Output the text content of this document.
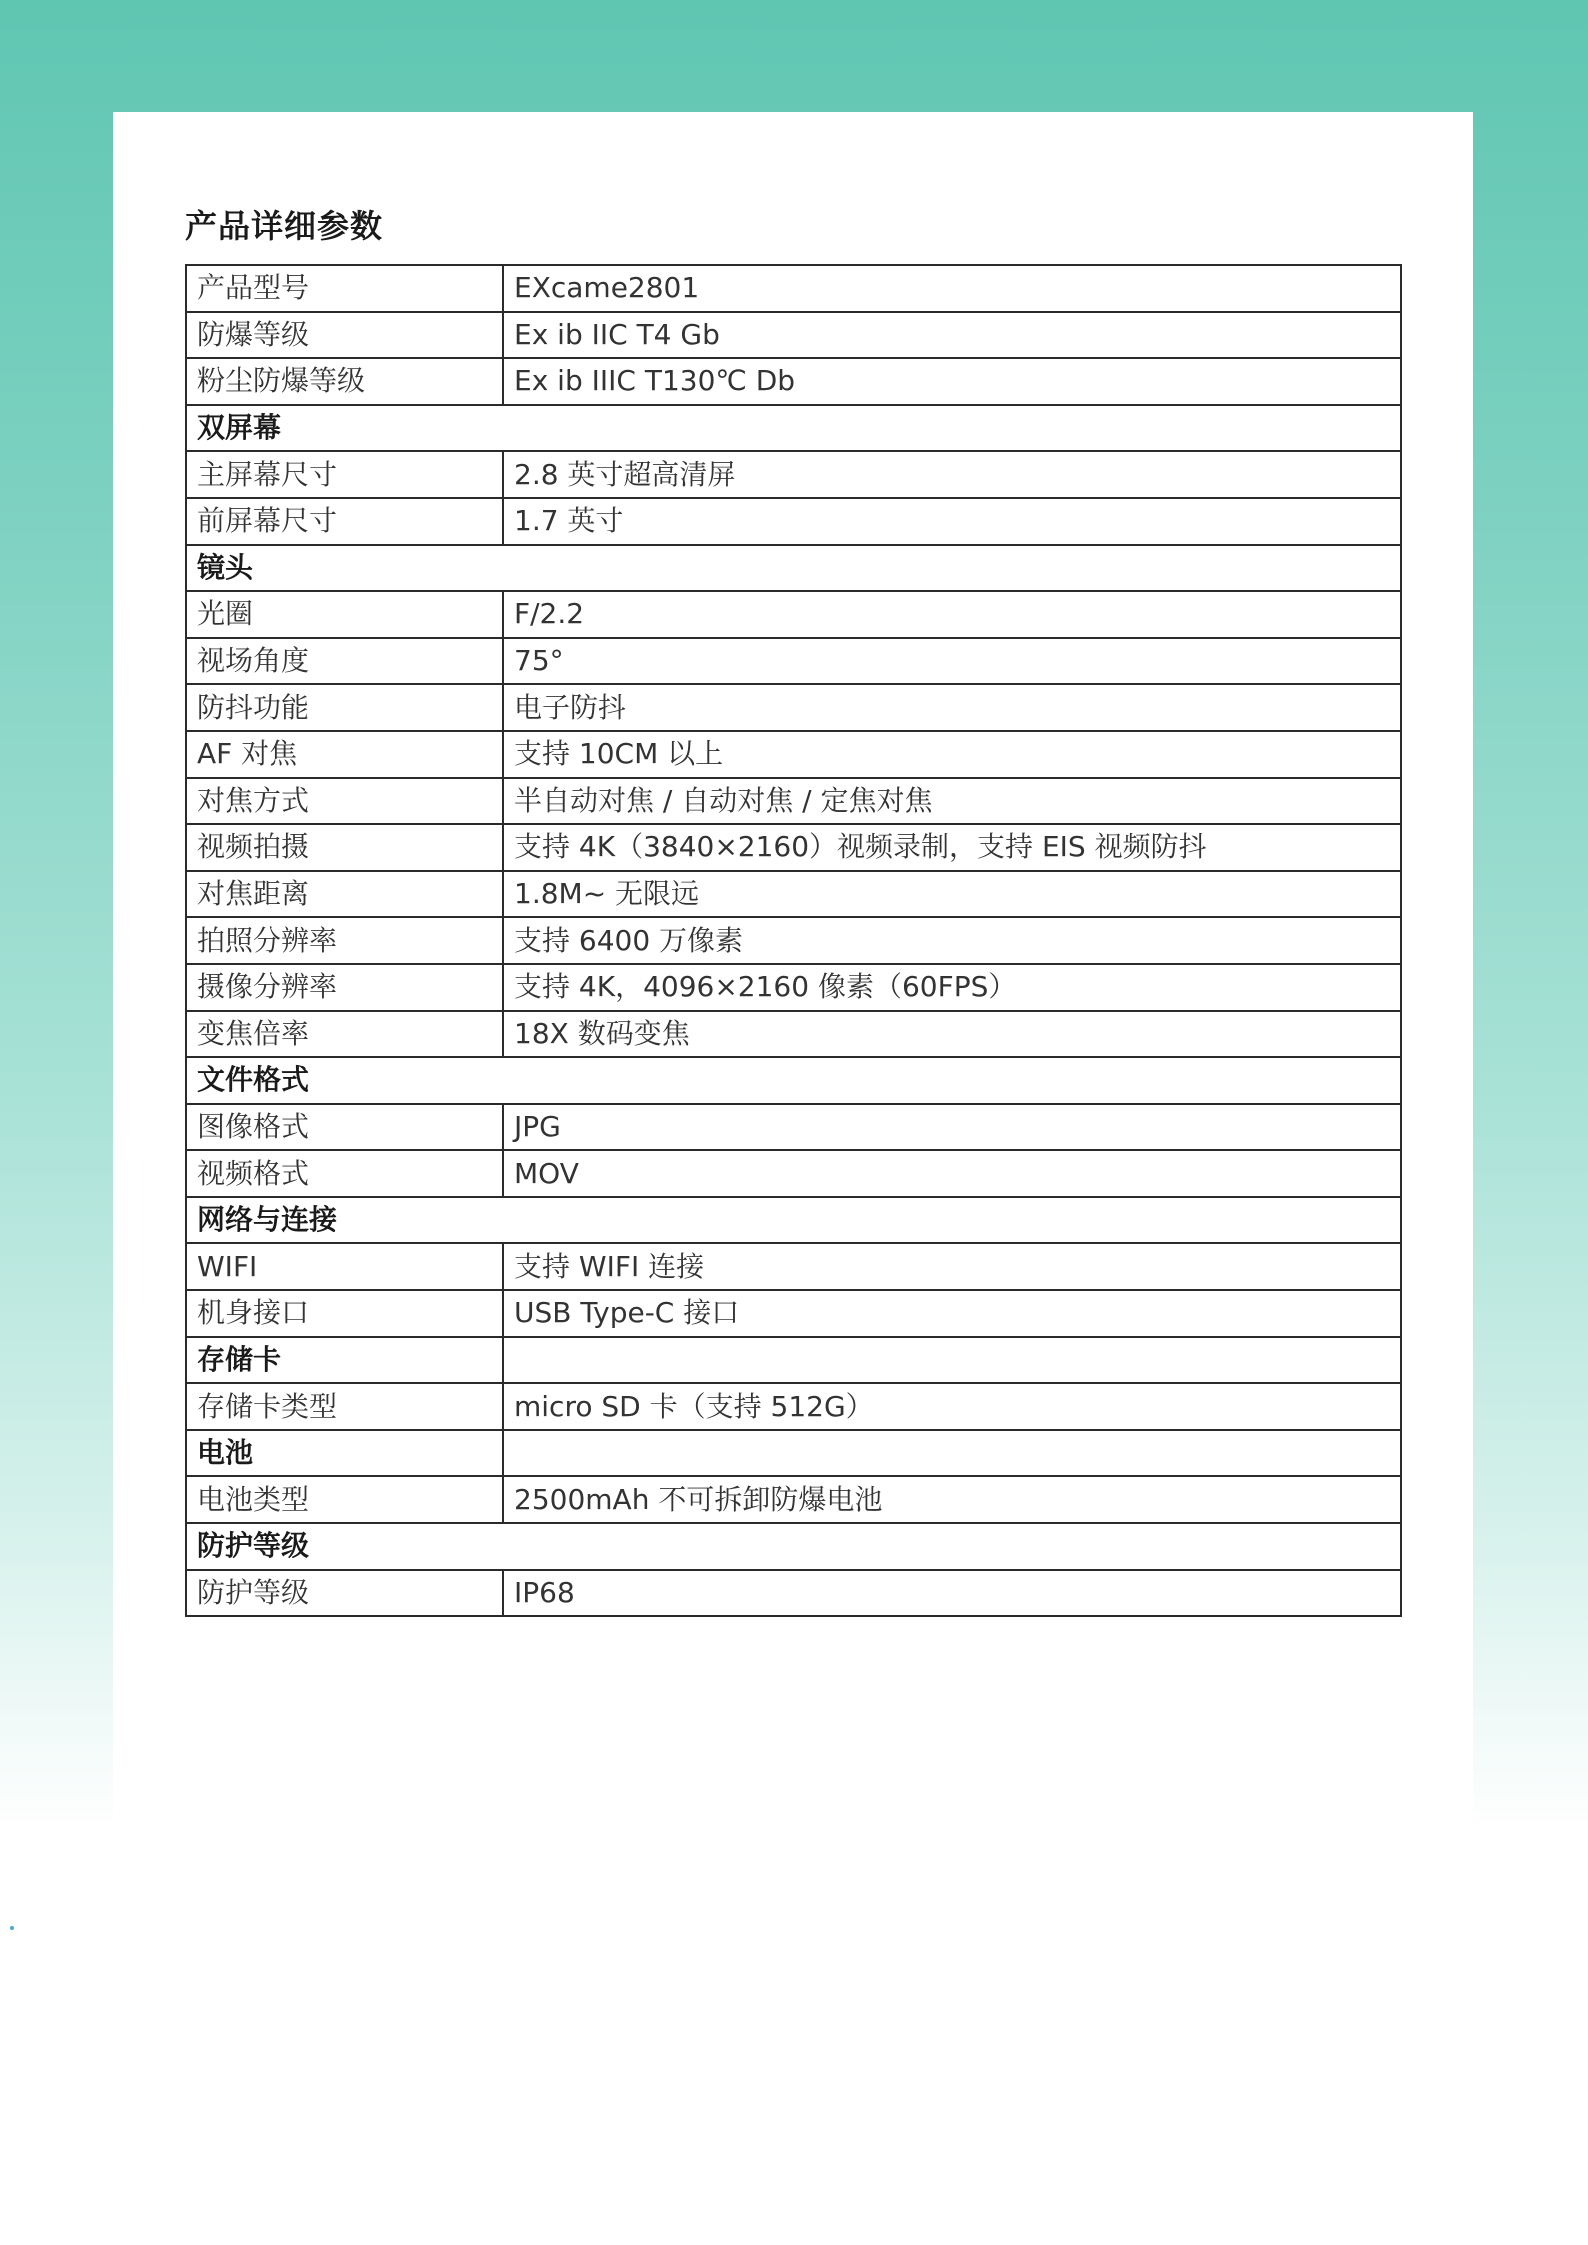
产品详细参数
产品型号	EXcame2801
防爆等级	Ex ib IIC T4 Gb
粉尘防爆等级	Ex ib IIIC T130℃ Db
双屏幕	
主屏幕尺寸	2.8 英寸超高清屏
前屏幕尺寸	1.7 英寸
镜头	
光圈	F/2.2
视场角度	75°
防抖功能	电子防抖
AF 对焦	支持 10CM 以上
对焦方式	半自动对焦 / 自动对焦 / 定焦对焦
视频拍摄	支持 4K（3840×2160）视频录制，支持 EIS 视频防抖
对焦距离	1.8M~ 无限远
拍照分辨率	支持 6400 万像素
摄像分辨率	支持 4K，4096×2160 像素（60FPS）
变焦倍率	18X 数码变焦
文件格式	
图像格式	JPG
视频格式	MOV
网络与连接	
WIFI	支持 WIFI 连接
机身接口	USB Type-C 接口
存储卡	
存储卡类型	micro SD 卡（支持 512G）
电池	
电池类型	2500mAh 不可拆卸防爆电池
防护等级	
防护等级	IP68
